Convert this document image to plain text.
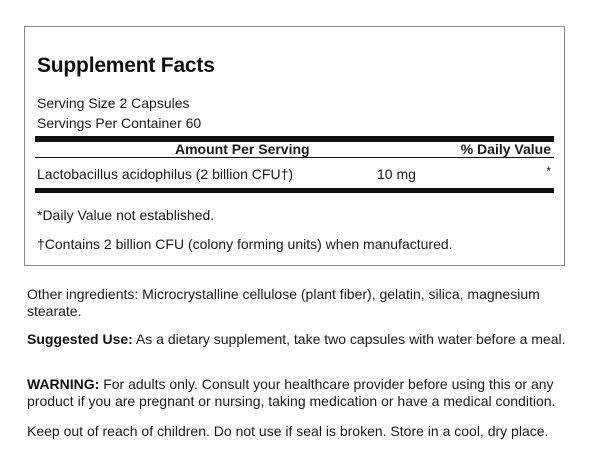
Supplement Facts
Serving Size 2 Capsules
Servings Per Container 60
Amount Per Serving	% Daily Value
Lactobacillus acidophilus (2 billion CFU†)	10 mg	*
*Daily Value not established.
†Contains 2 billion CFU (colony forming units) when manufactured.
Other ingredients: Microcrystalline cellulose (plant fiber), gelatin, silica, magnesium stearate.
Suggested Use: As a dietary supplement, take two capsules with water before a meal.
WARNING: For adults only. Consult your healthcare provider before using this or any product if you are pregnant or nursing, taking medication or have a medical condition.
Keep out of reach of children. Do not use if seal is broken. Store in a cool, dry place.
